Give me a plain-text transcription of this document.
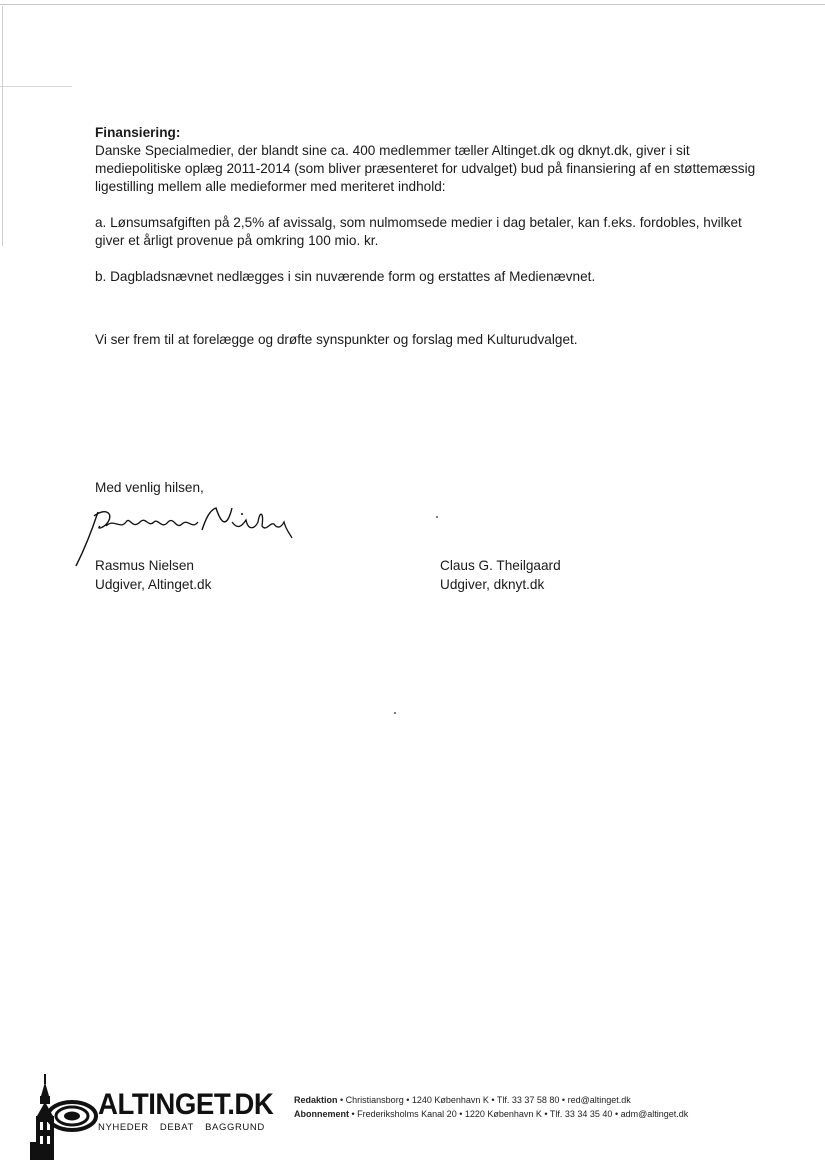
Finansiering:

Danske Specialmedier, der blandt sine ca. 400 medlemmer tæller Altinget.dk og dknyt.dk, giver i sit mediepolitiske oplæg 2011-2014 (som bliver præsenteret for udvalget) bud på finansiering af en støttemæssig ligestilling mellem alle medieformer med meriteret indhold:

a. Lønsumsafgiften på 2,5% af avissalg, som nulmomsede medier i dag betaler, kan f.eks. fordobles, hvilket giver et årligt provenue på omkring 100 mio. kr.

b. Dagbladsnævnet nedlægges i sin nuværende form og erstattes af Medienævnet.

Vi ser frem til at forelægge og drøfte synspunkter og forslag med Kulturudvalget.

Med venlig hilsen,
Rasmus Nielsen
Udgiver, Altinget.dk
Claus G. Theilgaard
Udgiver, dknyt.dk
ALTINGET.DK
NYHEDER DEBAT BAGGRUND
Redaktion • Christiansborg • 1240 København K • Tlf. 33 37 58 80 • red@altinget.dk
Abonnement • Frederiksholms Kanal 20 • 1220 København K • Tlf. 33 34 35 40 • adm@altinget.dk
